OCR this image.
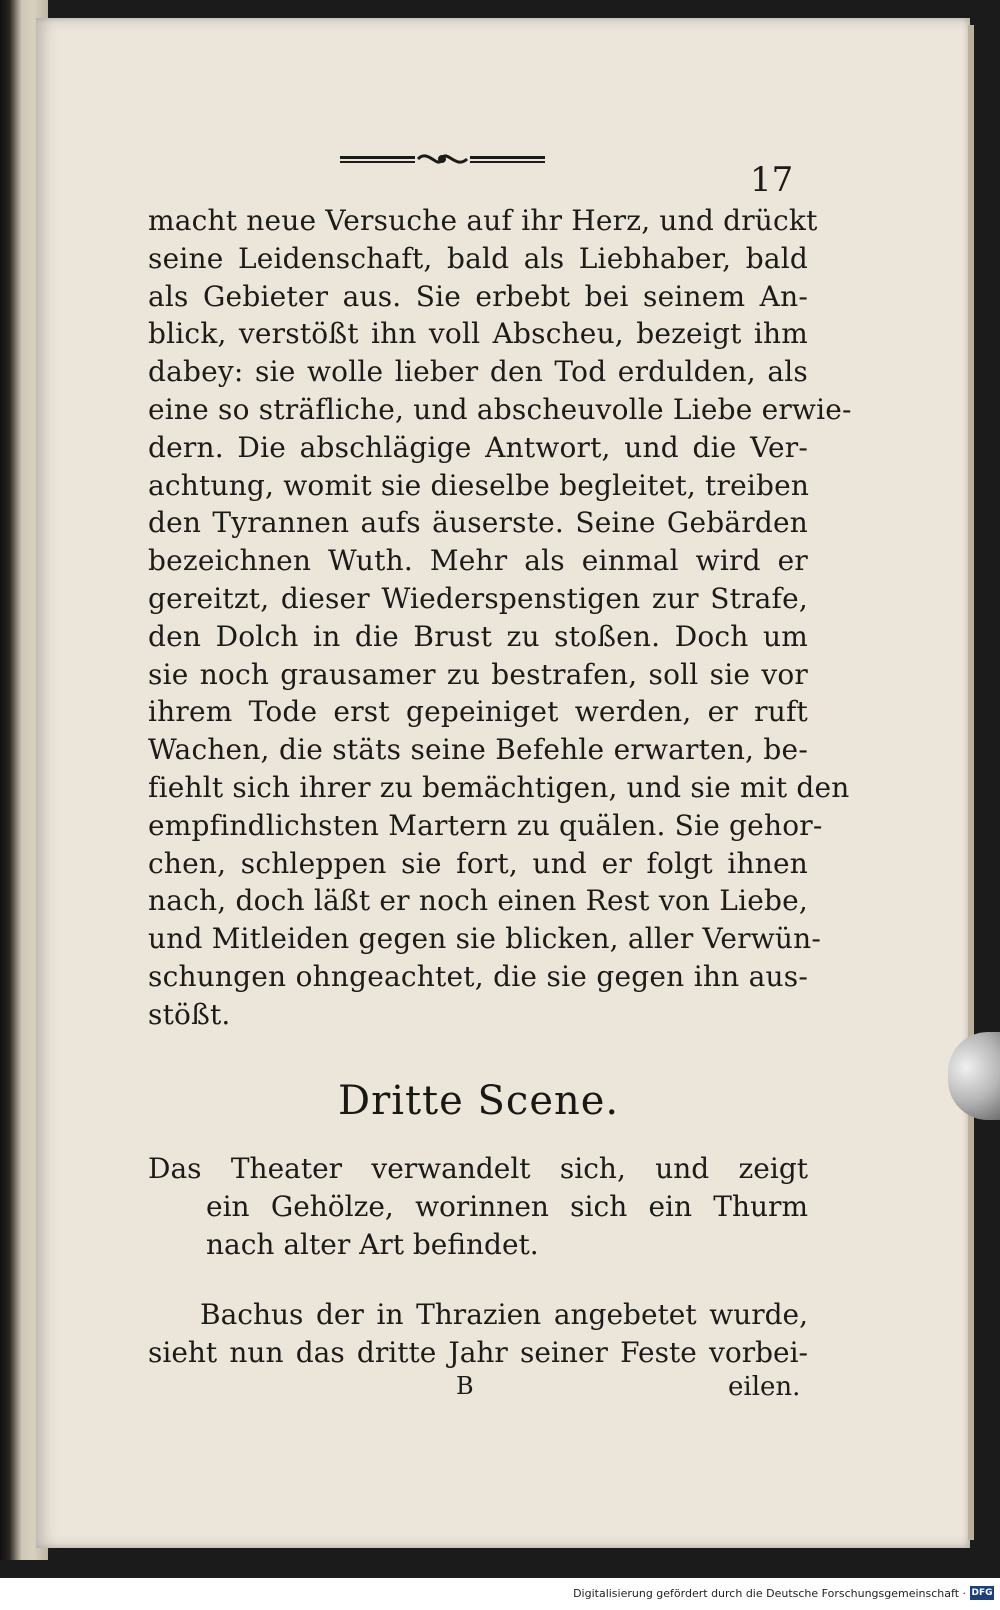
17
macht neue Versuche auf ihr Herz, und drückt
seine Leidenschaft, bald als Liebhaber, bald
als Gebieter aus. Sie erbebt bei seinem An-
blick, verstößt ihn voll Abscheu, bezeigt ihm
dabey: sie wolle lieber den Tod erdulden, als
eine so sträfliche, und abscheuvolle Liebe erwie-
dern. Die abschlägige Antwort, und die Ver-
achtung, womit sie dieselbe begleitet, treiben
den Tyrannen aufs äuserste. Seine Gebärden
bezeichnen Wuth. Mehr als einmal wird er
gereitzt, dieser Wiederspenstigen zur Strafe,
den Dolch in die Brust zu stoßen. Doch um
sie noch grausamer zu bestrafen, soll sie vor
ihrem Tode erst gepeiniget werden, er ruft
Wachen, die stäts seine Befehle erwarten, be-
fiehlt sich ihrer zu bemächtigen, und sie mit den
empfindlichsten Martern zu quälen. Sie gehor-
chen, schleppen sie fort, und er folgt ihnen
nach, doch läßt er noch einen Rest von Liebe,
und Mitleiden gegen sie blicken, aller Verwün-
schungen ohngeachtet, die sie gegen ihn aus-
stößt.
Dritte Scene.
Das Theater verwandelt sich, und zeigt
ein Gehölze, worinnen sich ein Thurm
nach alter Art befindet.
Bachus der in Thrazien angebetet wurde,
sieht nun das dritte Jahr seiner Feste vorbei-
B	eilen.
Digitalisierung gefördert durch die Deutsche Forschungsgemeinschaft · DFG
